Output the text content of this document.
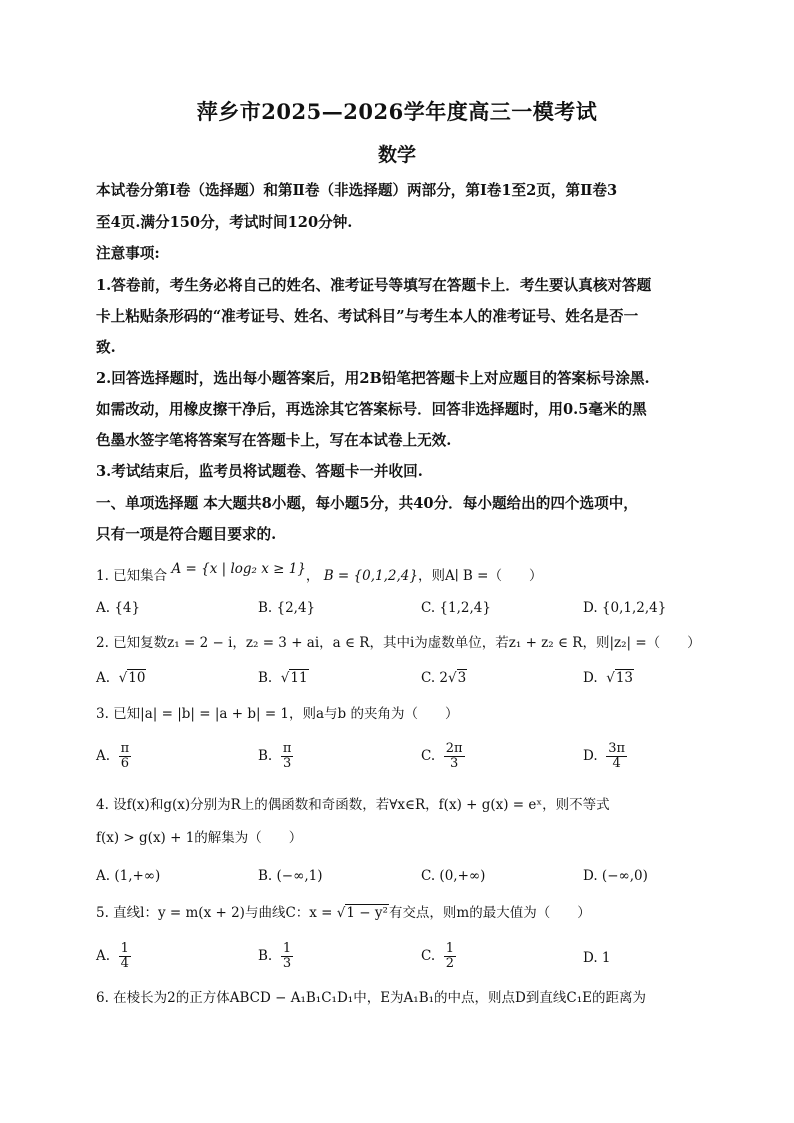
萍乡市2025—2026学年度高三一模考试
数学
本试卷分第Ⅰ卷（选择题）和第Ⅱ卷（非选择题）两部分，第Ⅰ卷1至2页，第Ⅱ卷3
至4页.满分150分，考试时间120分钟.
注意事项:
1.答卷前，考生务必将自己的姓名、准考证号等填写在答题卡上．考生要认真核对答题
卡上粘贴条形码的“准考证号、姓名、考试科目”与考生本人的准考证号、姓名是否一
致.
2.回答选择题时，选出每小题答案后，用2B铅笔把答题卡上对应题目的答案标号涂黑.
如需改动，用橡皮擦干净后，再选涂其它答案标号．回答非选择题时，用0.5毫米的黑
色墨水签字笔将答案写在答题卡上，写在本试卷上无效.
3.考试结束后，监考员将试题卷、答题卡一并收回.
一、单项选择题 本大题共8小题，每小题5分，共40分．每小题给出的四个选项中，
只有一项是符合题目要求的.
1. 已知集合 A = {x | log₂ x ≥ 1}， B = {0,1,2,4}，则A∣ B =（　　）
A. {4}	B. {2,4}	C. {1,2,4}	D. {0,1,2,4}
2. 已知复数z₁ = 2 − i，z₂ = 3 + ai，a ∈ R，其中i为虚数单位，若z₁ + z₂ ∈ R，则|z₂| =（　　）
A.  √10	B.  √11	C. 2√3	D.  √13
3. 已知|a| = |b| = |a + b| = 1，则a与b 的夹角为（　　）
A. $\frac{\pi}{6}$	B. $\frac{\pi}{3}$	C. $\frac{2\pi}{3}$	D. $\frac{3\pi}{4}$
4. 设f(x)和g(x)分别为R上的偶函数和奇函数，若∀x∈R，f(x) + g(x) = eˣ，则不等式
f(x) > g(x) + 1的解集为（　　）
A. (1,+∞)	B. (−∞,1)	C. (0,+∞)	D. (−∞,0)
5. 直线l：y = m(x + 2)与曲线C：x = √1 − y²有交点，则m的最大值为（　　）
A. $\frac{1}{4}$	B. $\frac{1}{3}$	C. $\frac{1}{2}$	D. 1
6. 在棱长为2的正方体ABCD − A₁B₁C₁D₁中，E为A₁B₁的中点，则点D到直线C₁E的距离为
